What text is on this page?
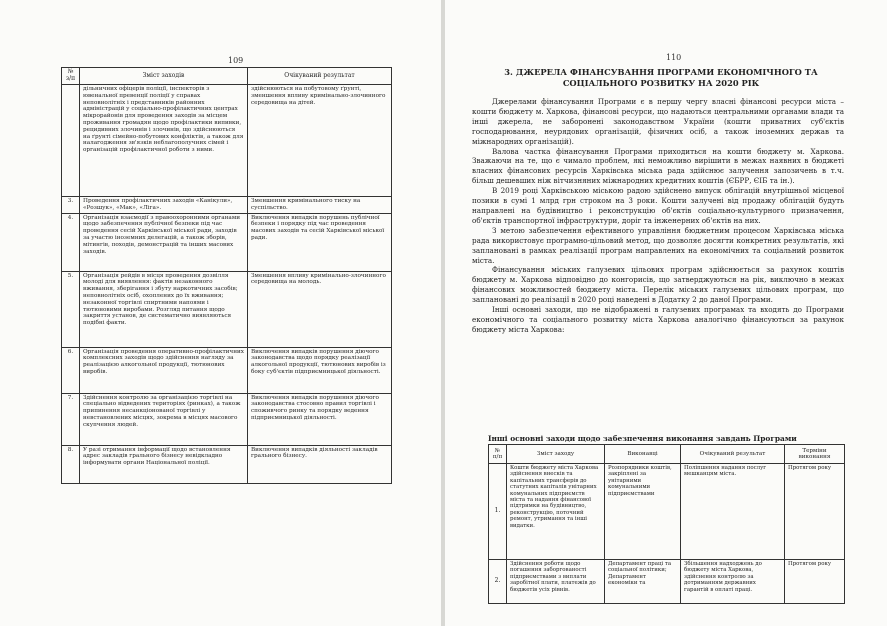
109
№ з/п	Зміст заходів	Очікуваний результат
	дільничних офіцерів поліції, інспекторів з ювенальної превенції поліції у справах неповнолітніх і представників районних адміністрацій у соціально-профілактичних центрах мікрорайонів для проведення заходів за місцем проживання громадян щодо профілактики випивки, рецидивних злочинів і злочинів, що здійснюються на ґрунті сімейно-побутових конфліктів, а також для налагодження зв'язків неблагополучних сімей і організацій профілактичної роботи з ними.	здійснюються на побутовому ґрунті, зменшення впливу кримінально-злочинного середовища на дітей.
3.	Проведення профілактичних заходів «Канікули», «Розшук», «Мак», «Ліга».	Зменшення кримінального тиску на суспільство.
4.	Організація взаємодії з правоохоронними органами щодо забезпечення публічної безпеки під час проведення сесій Харківської міської ради, заходів за участю іноземних делегацій, а також зборів, мітингів, походів, демонстрацій та інших масових заходів.	Виключення випадків порушень публічної безпеки і порядку під час проведення масових заходів та сесій Харківської міської ради.
5.	Організація рейдів в місця проведення дозвілля молоді для виявлення: фактів незаконного вживання, зберігання і збуту наркотичних засобів; неповнолітніх осіб, охоплених до їх вживання; незаконної торгівлі спиртними напоями і тютюновими виробами. Розгляд питання щодо закриття установ, де систематично виявляються подібні факти.	Зменшення впливу кримінально-злочинного середовища на молодь.
6.	Організація проведення оперативно-профілактичних комплексних заходів щодо здійснення нагляду за реалізацією алкогольної продукції, тютюнових виробів.	Виключення випадків порушення діючого законодавства щодо порядку реалізації алкогольної продукції, тютюнових виробів із боку суб'єктів підприємницької діяльності.
7.	Здійснення контролю за організацією торгівлі на спеціально відведених територіях (ринках), а також припинення несанкціонованої торгівлі у невстановлених місцях, зокрема в місцях масового скупчення людей.	Виключення випадків порушення діючого законодавства стосовно правил торгівлі і споживчого ринку та порядку ведення підприємницької діяльності.
8.	У разі отримання інформації щодо встановлення адрес закладів грального бізнесу невідкладно інформувати органи Національної поліції.	Виключення випадків діяльності закладів грального бізнесу.
110
3. ДЖЕРЕЛА ФІНАНСУВАННЯ ПРОГРАМИ ЕКОНОМІЧНОГО ТА СОЦІАЛЬНОГО РОЗВИТКУ НА 2020 РІК

Джерелами фінансування Програми є в першу чергу власні фінансові ресурси міста – кошти бюджету м. Харкова, фінансові ресурси, що надаються центральними органами влади та інші джерела, не заборонені законодавством України (кошти приватних суб'єктів господарювання, неурядових організацій, фізичних осіб, а також іноземних держав та міжнародних організацій).

Валова частка фінансування Програми приходиться на кошти бюджету м. Харкова. Зважаючи на те, що є чимало проблем, які неможливо вирішити в межах наявних в бюджеті власних фінансових ресурсів Харківська міська рада здійснює залучення запозичень в т.ч. більш дешевших ніж вітчизняних міжнародних кредитних коштів (ЄБРР, ЄІБ та ін.).

В 2019 році Харківською міською радою здійснено випуск облігацій внутрішньої місцевої позики в сумі 1 млрд грн строком на 3 роки. Кошти залучені від продажу облігацій будуть направлені на будівництво і реконструкцію об'єктів соціально-культурного призначення, об'єктів транспортної інфраструктури, доріг та інженерних об'єктів на них.

З метою забезпечення ефективного управління бюджетним процесом Харківська міська рада використовує програмно-цільовий метод, що дозволяє досягти конкретних результатів, які заплановані в рамках реалізації програм направлених на економічних та соціальний розвиток міста.

Фінансування міських галузевих цільових програм здійснюється за рахунок коштів бюджету м. Харкова відповідно до конгорисів, що затверджуються на рік, виключно в межах фінансових можливостей бюджету міста. Перелік міських галузевих цільових програм, що заплановані до реалізації в 2020 році наведені в Додатку 2 до даної Програми.

Інші основні заходи, що не відображені в галузевих програмах та входять до Програми економічного та соціального розвитку міста Харкова аналогічно фінансуються за рахунок бюджету міста Харкова:

Інші основні заходи щодо забезпечення виконання завдань Програми
№ п/п	Зміст заходу	Виконавці	Очікуваний результат	Терміни виконання
1.	Кошти бюджету міста Харкова здійснення внесків та капітальних трансферів до статутних капіталів унітарних комунальних підприємств міста та надання фінансової підтримки на будівництво, реконструкцію, поточний ремонт, утримання та інші видатки.	Розпорядники коштів, закріплені за унітарними комунальними підприємствами	Поліпшення надання послуг мешканцям міста.	Протягом року
2.	Здійснення роботи щодо погашення заборгованості підприємствами з виплати заробітної плати, платежів до бюджетів усіх рівнів.	Департамент праці та соціальної політики; Департамент економіки та	Збільшення надходжень до бюджету міста Харкова, здійснення контролю за дотриманням державних гарантій в оплаті праці.	Протягом року
